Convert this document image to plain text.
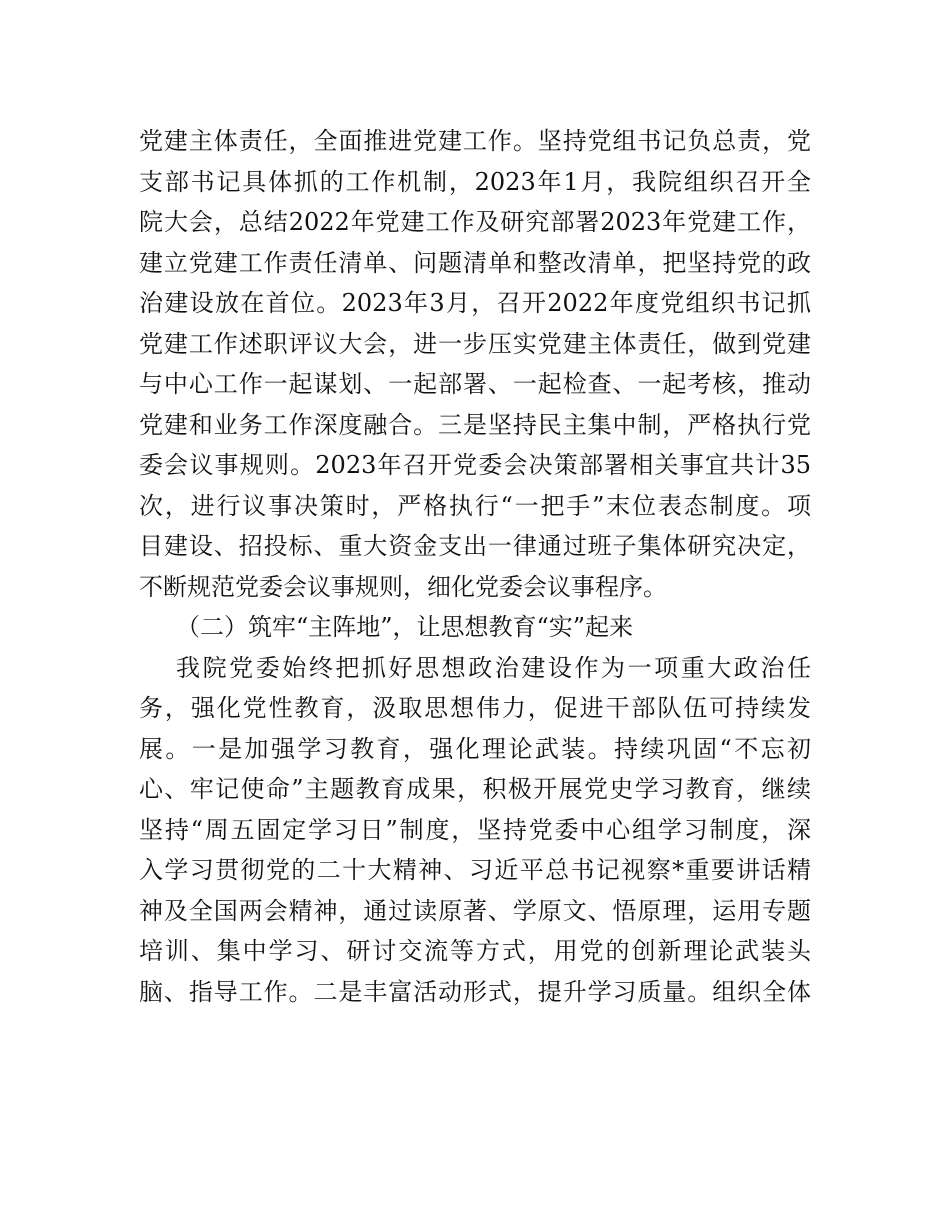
党建主体责任，全面推进党建工作。坚持党组书记负总责，党
支部书记具体抓的工作机制，2023年1月，我院组织召开全
院大会，总结2022年党建工作及研究部署2023年党建工作，
建立党建工作责任清单、问题清单和整改清单，把坚持党的政
治建设放在首位。2023年3月，召开2022年度党组织书记抓
党建工作述职评议大会，进一步压实党建主体责任，做到党建
与中心工作一起谋划、一起部署、一起检查、一起考核，推动
党建和业务工作深度融合。三是坚持民主集中制，严格执行党
委会议事规则。2023年召开党委会决策部署相关事宜共计35
次，进行议事决策时，严格执行“一把手”末位表态制度。项
目建设、招投标、重大资金支出一律通过班子集体研究决定，
不断规范党委会议事规则，细化党委会议事程序。
（二）筑牢“主阵地”，让思想教育“实”起来
我院党委始终把抓好思想政治建设作为一项重大政治任
务，强化党性教育，汲取思想伟力，促进干部队伍可持续发
展。一是加强学习教育，强化理论武装。持续巩固“不忘初
心、牢记使命”主题教育成果，积极开展党史学习教育，继续
坚持“周五固定学习日”制度，坚持党委中心组学习制度，深
入学习贯彻党的二十大精神、习近平总书记视察*重要讲话精
神及全国两会精神，通过读原著、学原文、悟原理，运用专题
培训、集中学习、研讨交流等方式，用党的创新理论武装头
脑、指导工作。二是丰富活动形式，提升学习质量。组织全体
